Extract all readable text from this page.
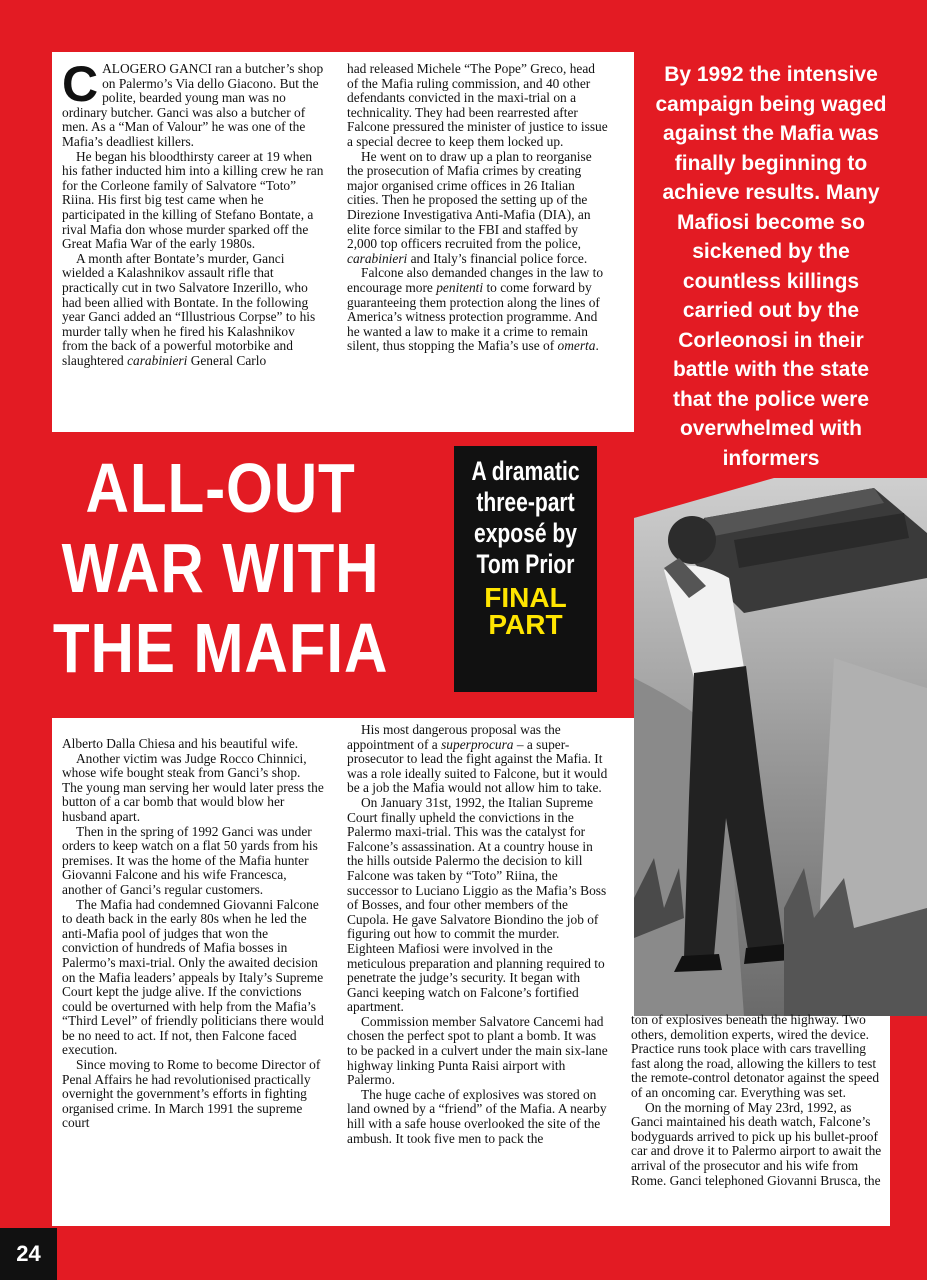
CALOGERO GANCI ran a butcher’s shop on Palermo’s Via dello Giacono. But the polite, bearded young man was no ordinary butcher. Ganci was also a butcher of men. As a “Man of Valour” he was one of the Mafia’s deadliest killers.

He began his bloodthirsty career at 19 when his father inducted him into a killing crew he ran for the Corleone family of Salvatore “Toto” Riina. His first big test came when he participated in the killing of Stefano Bontate, a rival Mafia don whose murder sparked off the Great Mafia War of the early 1980s.

A month after Bontate’s murder, Ganci wielded a Kalashnikov assault rifle that practically cut in two Salvatore Inzerillo, who had been allied with Bontate. In the following year Ganci added an “Illustrious Corpse” to his murder tally when he fired his Kalashnikov from the back of a powerful motorbike and slaughtered carabinieri General Carlo

had released Michele “The Pope” Greco, head of the Mafia ruling commission, and 40 other defendants convicted in the maxi-trial on a technicality. They had been rearrested after Falcone pressured the minister of justice to issue a special decree to keep them locked up.

He went on to draw up a plan to reorganise the prosecution of Mafia crimes by creating major organised crime offices in 26 Italian cities. Then he proposed the setting up of the Direzione Investigativa Anti-Mafia (DIA), an elite force similar to the FBI and staffed by 2,000 top officers recruited from the police, carabinieri and Italy’s financial police force.

Falcone also demanded changes in the law to encourage more penitenti to come forward by guaranteeing them protection along the lines of America’s witness protection programme. And he wanted a law to make it a crime to remain silent, thus stopping the Mafia’s use of omerta.

By 1992 the intensive campaign being waged against the Mafia was finally beginning to achieve results. Many Mafiosi become so sickened by the countless killings carried out by the Corleonosi in their battle with the state that the police were overwhelmed with informers
ALL-OUT
WAR WITH
THE MAFIA
A dramatic three-part exposé by Tom Prior
FINAL
PART

Alberto Dalla Chiesa and his beautiful wife.

Another victim was Judge Rocco Chinnici, whose wife bought steak from Ganci’s shop. The young man serving her would later press the button of a car bomb that would blow her husband apart.

Then in the spring of 1992 Ganci was under orders to keep watch on a flat 50 yards from his premises. It was the home of the Mafia hunter Giovanni Falcone and his wife Francesca, another of Ganci’s regular customers.

The Mafia had condemned Giovanni Falcone to death back in the early 80s when he led the anti-Mafia pool of judges that won the conviction of hundreds of Mafia bosses in Palermo’s maxi-trial. Only the awaited decision on the Mafia leaders’ appeals by Italy’s Supreme Court kept the judge alive. If the convictions could be overturned with help from the Mafia’s “Third Level” of friendly politicians there would be no need to act. If not, then Falcone faced execution.

Since moving to Rome to become Director of Penal Affairs he had revolutionised practically overnight the government’s efforts in fighting organised crime. In March 1991 the supreme court

His most dangerous proposal was the appointment of a superprocura – a super-prosecutor to lead the fight against the Mafia. It was a role ideally suited to Falcone, but it would be a job the Mafia would not allow him to take.

On January 31st, 1992, the Italian Supreme Court finally upheld the convictions in the Palermo maxi-trial. This was the catalyst for Falcone’s assassination. At a country house in the hills outside Palermo the decision to kill Falcone was taken by “Toto” Riina, the successor to Luciano Liggio as the Mafia’s Boss of Bosses, and four other members of the Cupola. He gave Salvatore Biondino the job of figuring out how to commit the murder. Eighteen Mafiosi were involved in the meticulous preparation and planning required to penetrate the judge’s security. It began with Ganci keeping watch on Falcone’s fortified apartment.

Commission member Salvatore Cancemi had chosen the perfect spot to plant a bomb. It was to be packed in a culvert under the main six-lane highway linking Punta Raisi airport with Palermo.

The huge cache of explosives was stored on land owned by a “friend” of the Mafia. A nearby hill with a safe house overlooked the site of the ambush. It took five men to pack the

ton of explosives beneath the highway. Two others, demolition experts, wired the device. Practice runs took place with cars travelling fast along the road, allowing the killers to test the remote-control detonator against the speed of an oncoming car. Everything was set.

On the morning of May 23rd, 1992, as Ganci maintained his death watch, Falcone’s bodyguards arrived to pick up his bullet-proof car and drove it to Palermo airport to await the arrival of the prosecutor and his wife from Rome. Ganci telephoned Giovanni Brusca, the

24
